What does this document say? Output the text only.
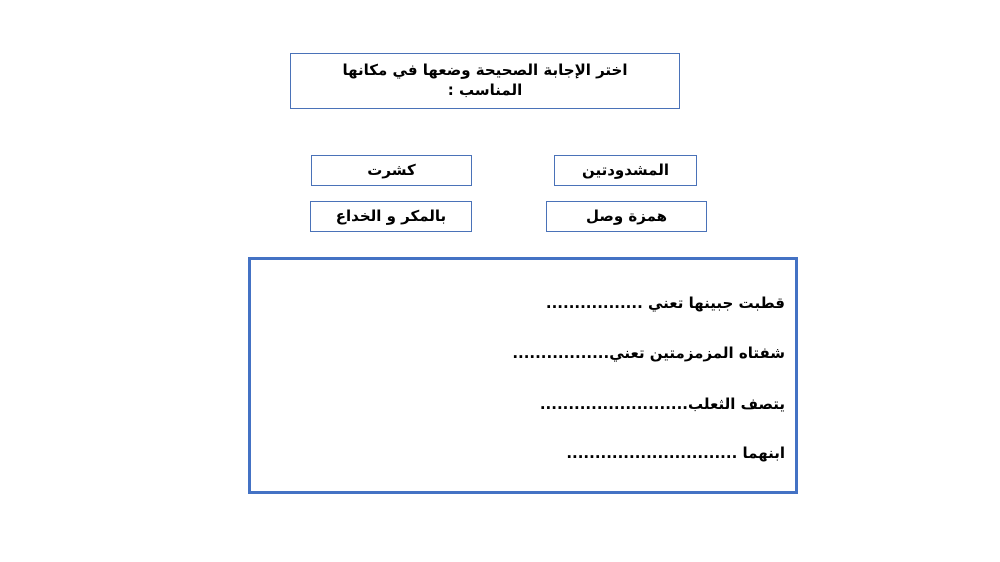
اختر الإجابة الصحيحة وضعها في مكانها المناسب :
كشرت	المشدودتين
بالمكر و الخداع	همزة وصل
قطبت جبينها تعني .................
شفتاه المزمزمتين تعني.................
يتصف الثعلب..........................
ابنهما ..............................
